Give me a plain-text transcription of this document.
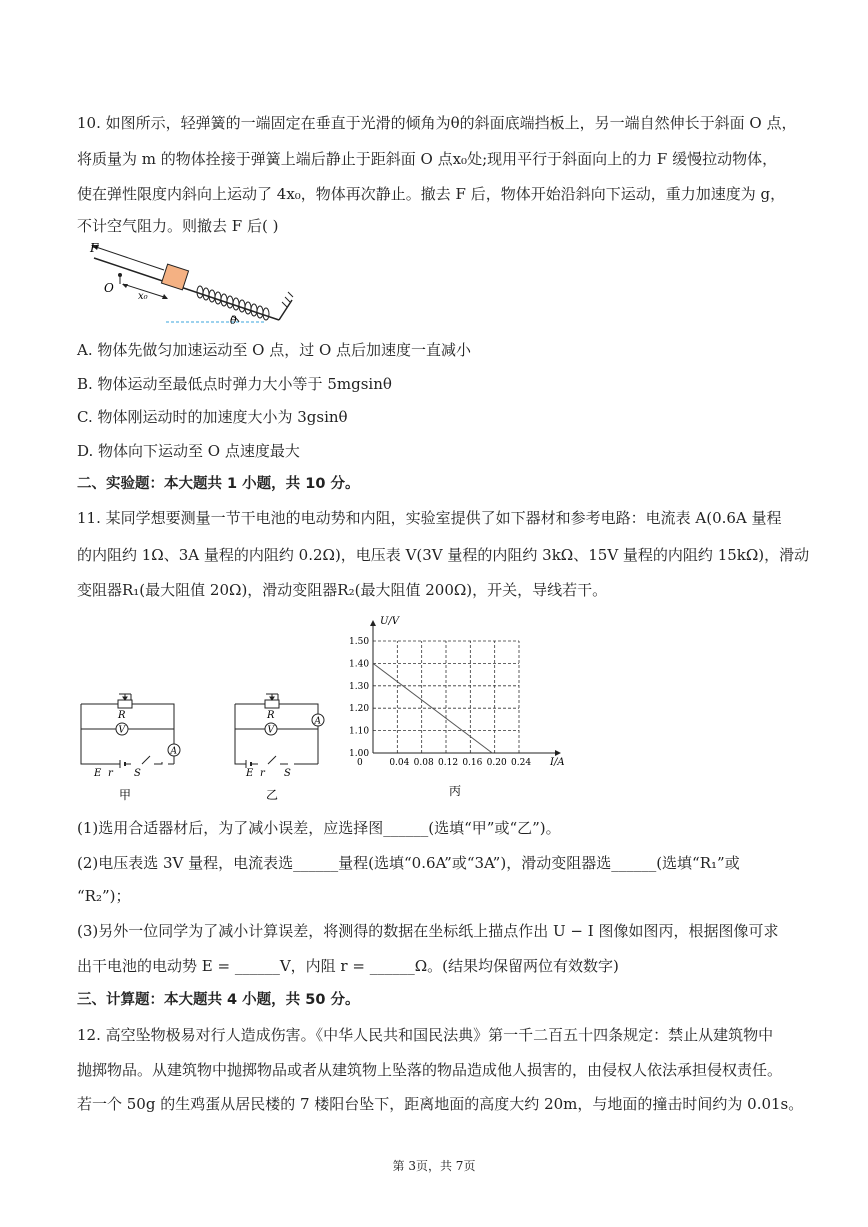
10. 如图所示，轻弹簧的一端固定在垂直于光滑的倾角为θ的斜面底端挡板上，另一端自然伸长于斜面 O 点，
将质量为 m 的物体拴接于弹簧上端后静止于距斜面 O 点x₀处;现用平行于斜面向上的力 F 缓慢拉动物体，
使在弹性限度内斜向上运动了 4x₀，物体再次静止。撤去 F 后，物体开始沿斜向下运动，重力加速度为 g，
不计空气阻力。则撤去 F 后( )
F
O
x₀
θ
A. 物体先做匀加速运动至 O 点，过 O 点后加速度一直减小
B. 物体运动至最低点时弹力大小等于 5mgsinθ
C. 物体刚运动时的加速度大小为 3gsinθ
D. 物体向下运动至 O 点速度最大
二、实验题：本大题共 1 小题，共 10 分。
11. 某同学想要测量一节干电池的电动势和内阻，实验室提供了如下器材和参考电路：电流表 A(0.6A 量程
的内阻约 1Ω、3A 量程的内阻约 0.2Ω)，电压表 V(3V 量程的内阻约 3kΩ、15V 量程的内阻约 15kΩ)，滑动
变阻器R₁(最大阻值 20Ω)，滑动变阻器R₂(最大阻值 200Ω)，开关，导线若干。
R
V
A
E r S
甲
R
V
A
E r S
乙
0	0.04 0.08 0.12 0.16 0.20 0.24
1.00
1.10
1.20
1.30
1.40
1.50
U/V
I/A
丙
(1)选用合适器材后，为了减小误差，应选择图______(选填“甲”或“乙”)。
(2)电压表选 3V 量程，电流表选______量程(选填“0.6A”或“3A”)，滑动变阻器选______(选填“R₁”或
“R₂”)；
(3)另外一位同学为了减小计算误差，将测得的数据在坐标纸上描点作出 U − I 图像如图丙，根据图像可求
出干电池的电动势 E = ______V，内阻 r = ______Ω。(结果均保留两位有效数字)
三、计算题：本大题共 4 小题，共 50 分。
12. 高空坠物极易对行人造成伤害。《中华人民共和国民法典》第一千二百五十四条规定：禁止从建筑物中
抛掷物品。从建筑物中抛掷物品或者从建筑物上坠落的物品造成他人损害的，由侵权人依法承担侵权责任。
若一个 50g 的生鸡蛋从居民楼的 7 楼阳台坠下，距离地面的高度大约 20m，与地面的撞击时间约为 0.01s。
第 3页，共 7页
